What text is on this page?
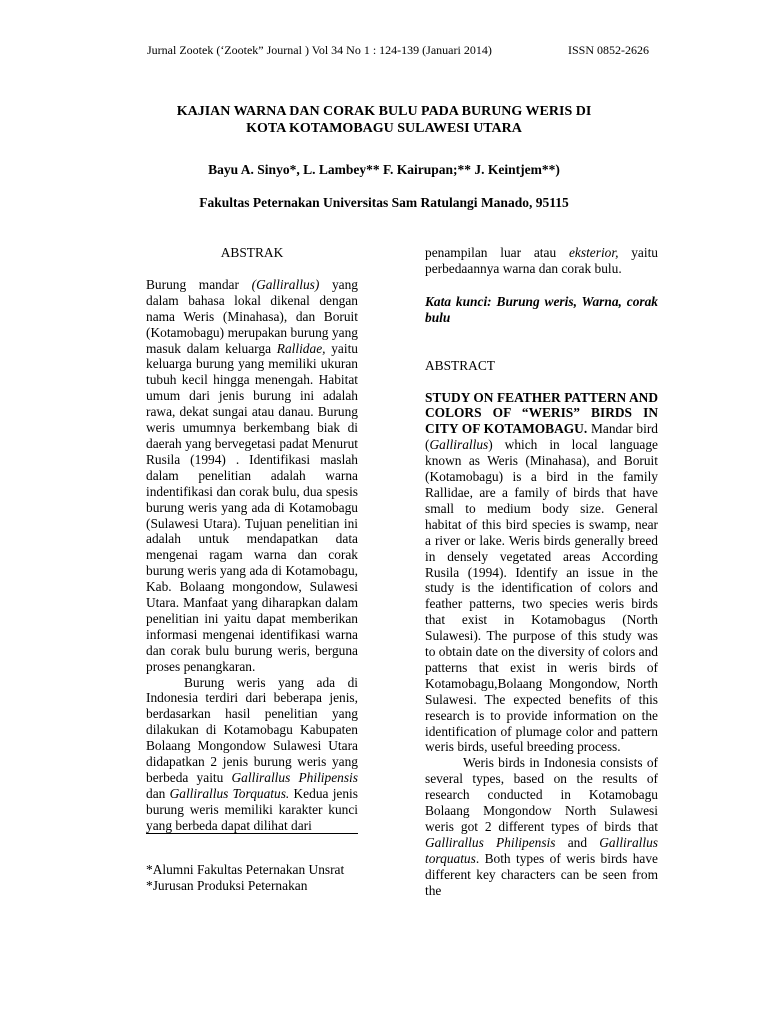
Jurnal Zootek (‘Zootek” Journal ) Vol 34 No 1 : 124-139 (Januari 2014)	ISSN 0852-2626
KAJIAN WARNA DAN CORAK BULU PADA BURUNG WERIS DI
KOTA KOTAMOBAGU SULAWESI UTARA
Bayu A. Sinyo*, L. Lambey** F. Kairupan;** J. Keintjem**)
Fakultas Peternakan Universitas Sam Ratulangi Manado, 95115
ABSTRAK

Burung mandar (Gallirallus) yang dalam bahasa lokal dikenal dengan nama Weris (Minahasa), dan Boruit (Kotamobagu) merupakan burung yang masuk dalam keluarga Rallidae, yaitu keluarga burung yang memiliki ukuran tubuh kecil hingga menengah. Habitat umum dari jenis burung ini adalah rawa, dekat sungai atau danau. Burung weris umumnya berkembang biak di daerah yang bervegetasi padat Menurut Rusila (1994) . Identifikasi maslah dalam penelitian adalah warna indentifikasi dan corak bulu, dua spesis burung weris yang ada di Kotamobagu (Sulawesi Utara). Tujuan penelitian ini adalah untuk mendapatkan data mengenai ragam warna dan corak burung weris yang ada di Kotamobagu, Kab. Bolaang mongondow, Sulawesi Utara. Manfaat yang diharapkan dalam penelitian ini yaitu dapat memberikan informasi mengenai identifikasi warna dan corak bulu burung weris, berguna proses penangkaran.

Burung weris yang ada di Indonesia terdiri dari beberapa jenis, berdasarkan hasil penelitian yang dilakukan di Kotamobagu Kabupaten Bolaang Mongondow Sulawesi Utara didapatkan 2 jenis burung weris yang berbeda yaitu Gallirallus Philipensis dan Gallirallus Torquatus. Kedua jenis burung weris memiliki karakter kunci yang berbeda dapat dilihat dari

*Alumni Fakultas Peternakan Unsrat
*Jurusan Produksi Peternakan

penampilan luar atau eksterior, yaitu perbedaannya warna dan corak bulu.

Kata kunci: Burung weris, Warna, corak bulu

ABSTRACT

STUDY ON FEATHER PATTERN AND COLORS OF “WERIS” BIRDS IN CITY OF KOTAMOBAGU. Mandar bird (Gallirallus) which in local language known as Weris (Minahasa), and Boruit (Kotamobagu) is a bird in the family Rallidae, are a family of birds that have small to medium body size. General habitat of this bird species is swamp, near a river or lake. Weris birds generally breed in densely vegetated areas According Rusila (1994). Identify an issue in the study is the identification of colors and feather patterns, two species weris birds that exist in Kotamobagus (North Sulawesi). The purpose of this study was to obtain date on the diversity of colors and patterns that exist in weris birds of Kotamobagu,Bolaang Mongondow, North Sulawesi. The expected benefits of this research is to provide information on the identification of plumage color and pattern weris birds, useful breeding process.

Weris birds in Indonesia consists of several types, based on the results of research conducted in Kotamobagu Bolaang Mongondow North Sulawesi weris got 2 different types of birds that Gallirallus Philipensis and Gallirallus torquatus. Both types of weris birds have different key characters can be seen from the
